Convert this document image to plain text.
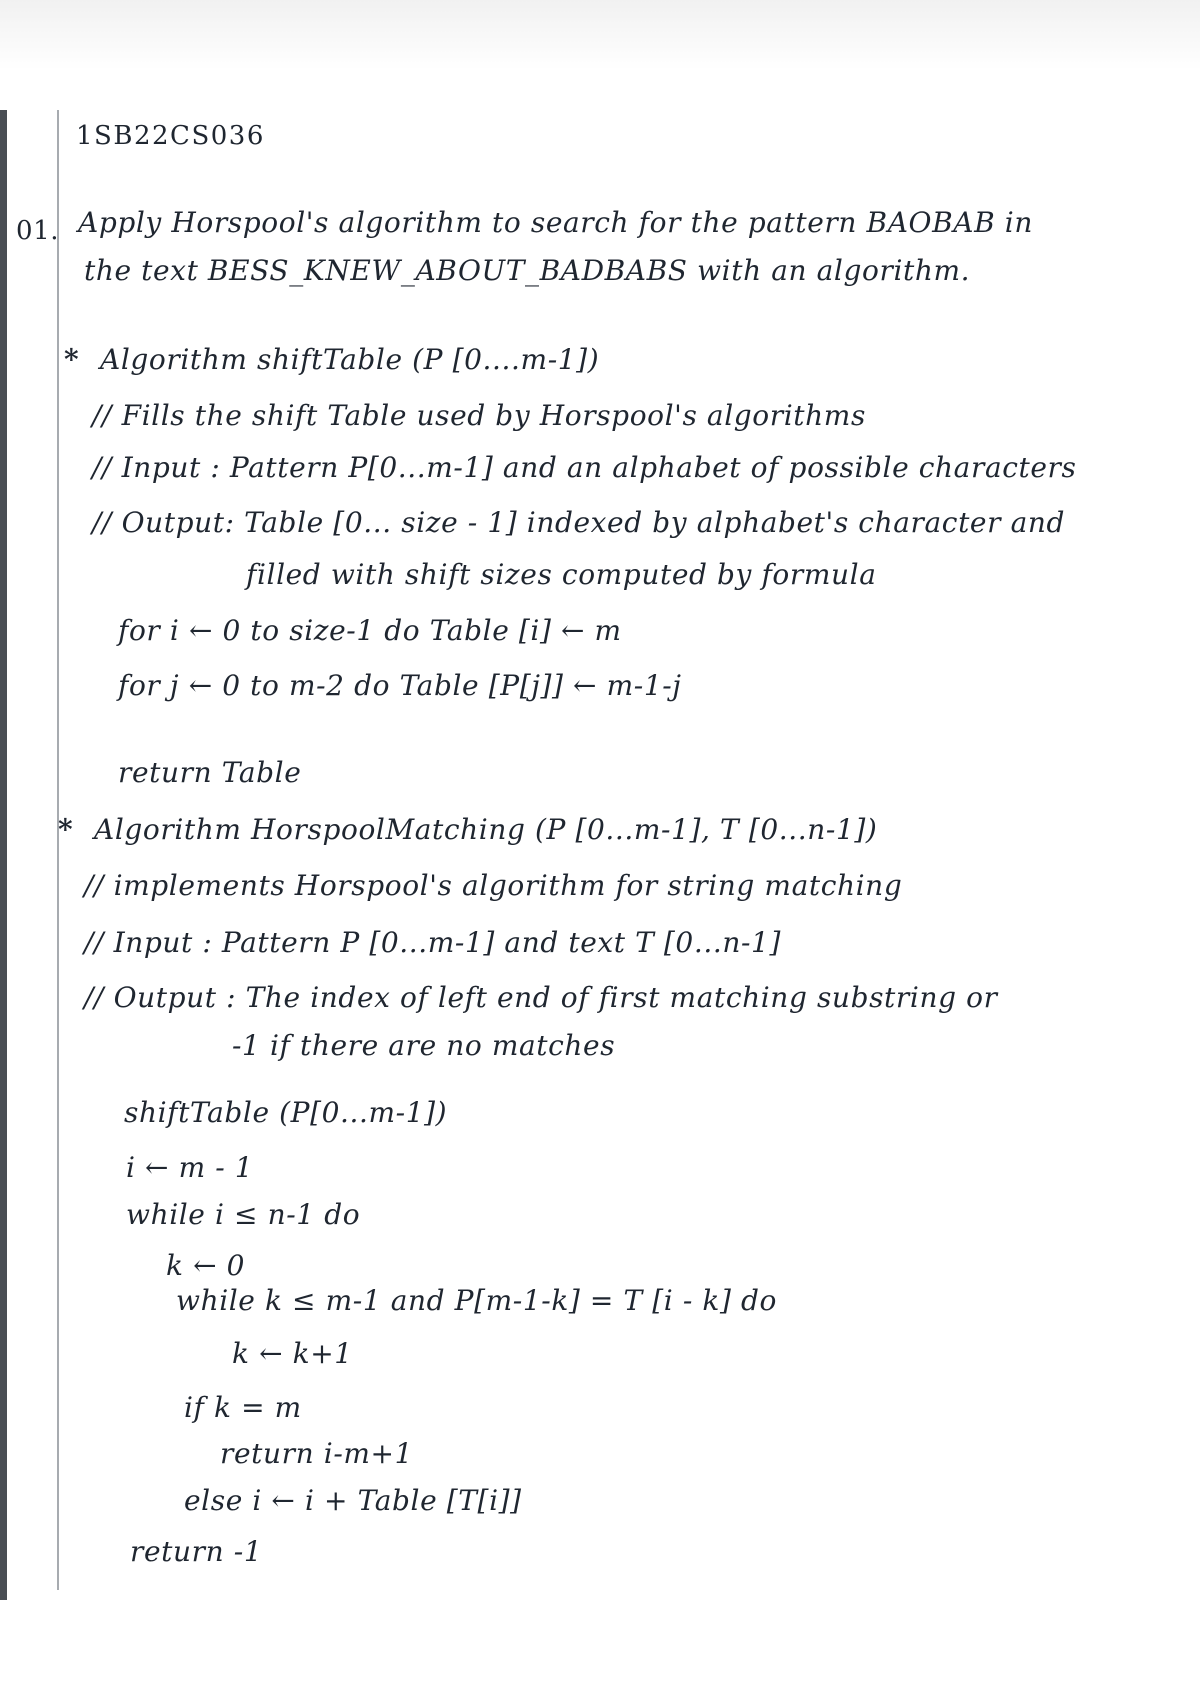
1SB22CS036
01. Apply Horspool's algorithm to search for the pattern BAOBAB in
the text BESS_KNEW_ABOUT_BADBABS with an algorithm.
* Algorithm shiftTable (P [0....m-1])
// Fills the shift Table used by Horspool's algorithms
// Input : Pattern P[0...m-1] and an alphabet of possible characters
// Output: Table [0... size - 1] indexed by alphabet's character and
filled with shift sizes computed by formula
for i ← 0 to size-1 do Table [i] ← m
for j ← 0 to m-2 do Table [P[j]] ← m-1-j
return Table
* Algorithm HorspoolMatching (P [0...m-1], T [0...n-1])
// implements Horspool's algorithm for string matching
// Input : Pattern P [0...m-1] and text T [0...n-1]
// Output : The index of left end of first matching substring or
-1 if there are no matches
shiftTable (P[0...m-1])
i ← m - 1
while i ≤ n-1 do
k ← 0
while k ≤ m-1 and P[m-1-k] = T [i - k] do
k ← k+1
if k = m
return i-m+1
else i ← i + Table [T[i]]
return -1
